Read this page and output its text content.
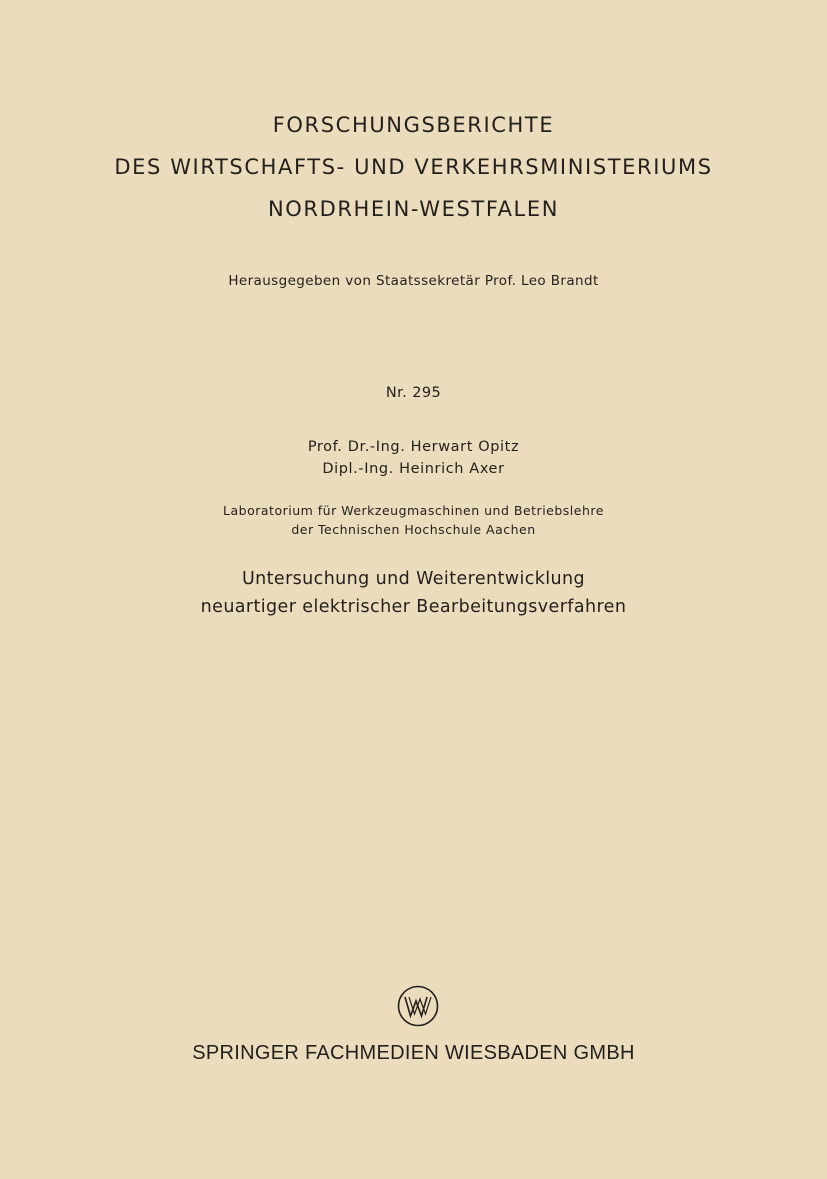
FORSCHUNGSBERICHTE

DES WIRTSCHAFTS- UND VERKEHRSMINISTERIUMS

NORDRHEIN-WESTFALEN

Herausgegeben von Staatssekretär Prof. Leo Brandt

Nr. 295

Prof. Dr.-Ing. Herwart Opitz

Dipl.-Ing. Heinrich Axer

Laboratorium für Werkzeugmaschinen und Betriebslehre

der Technischen Hochschule Aachen

Untersuchung und Weiterentwicklung

neuartiger elektrischer Bearbeitungsverfahren

SPRINGER FACHMEDIEN WIESBADEN GMBH
